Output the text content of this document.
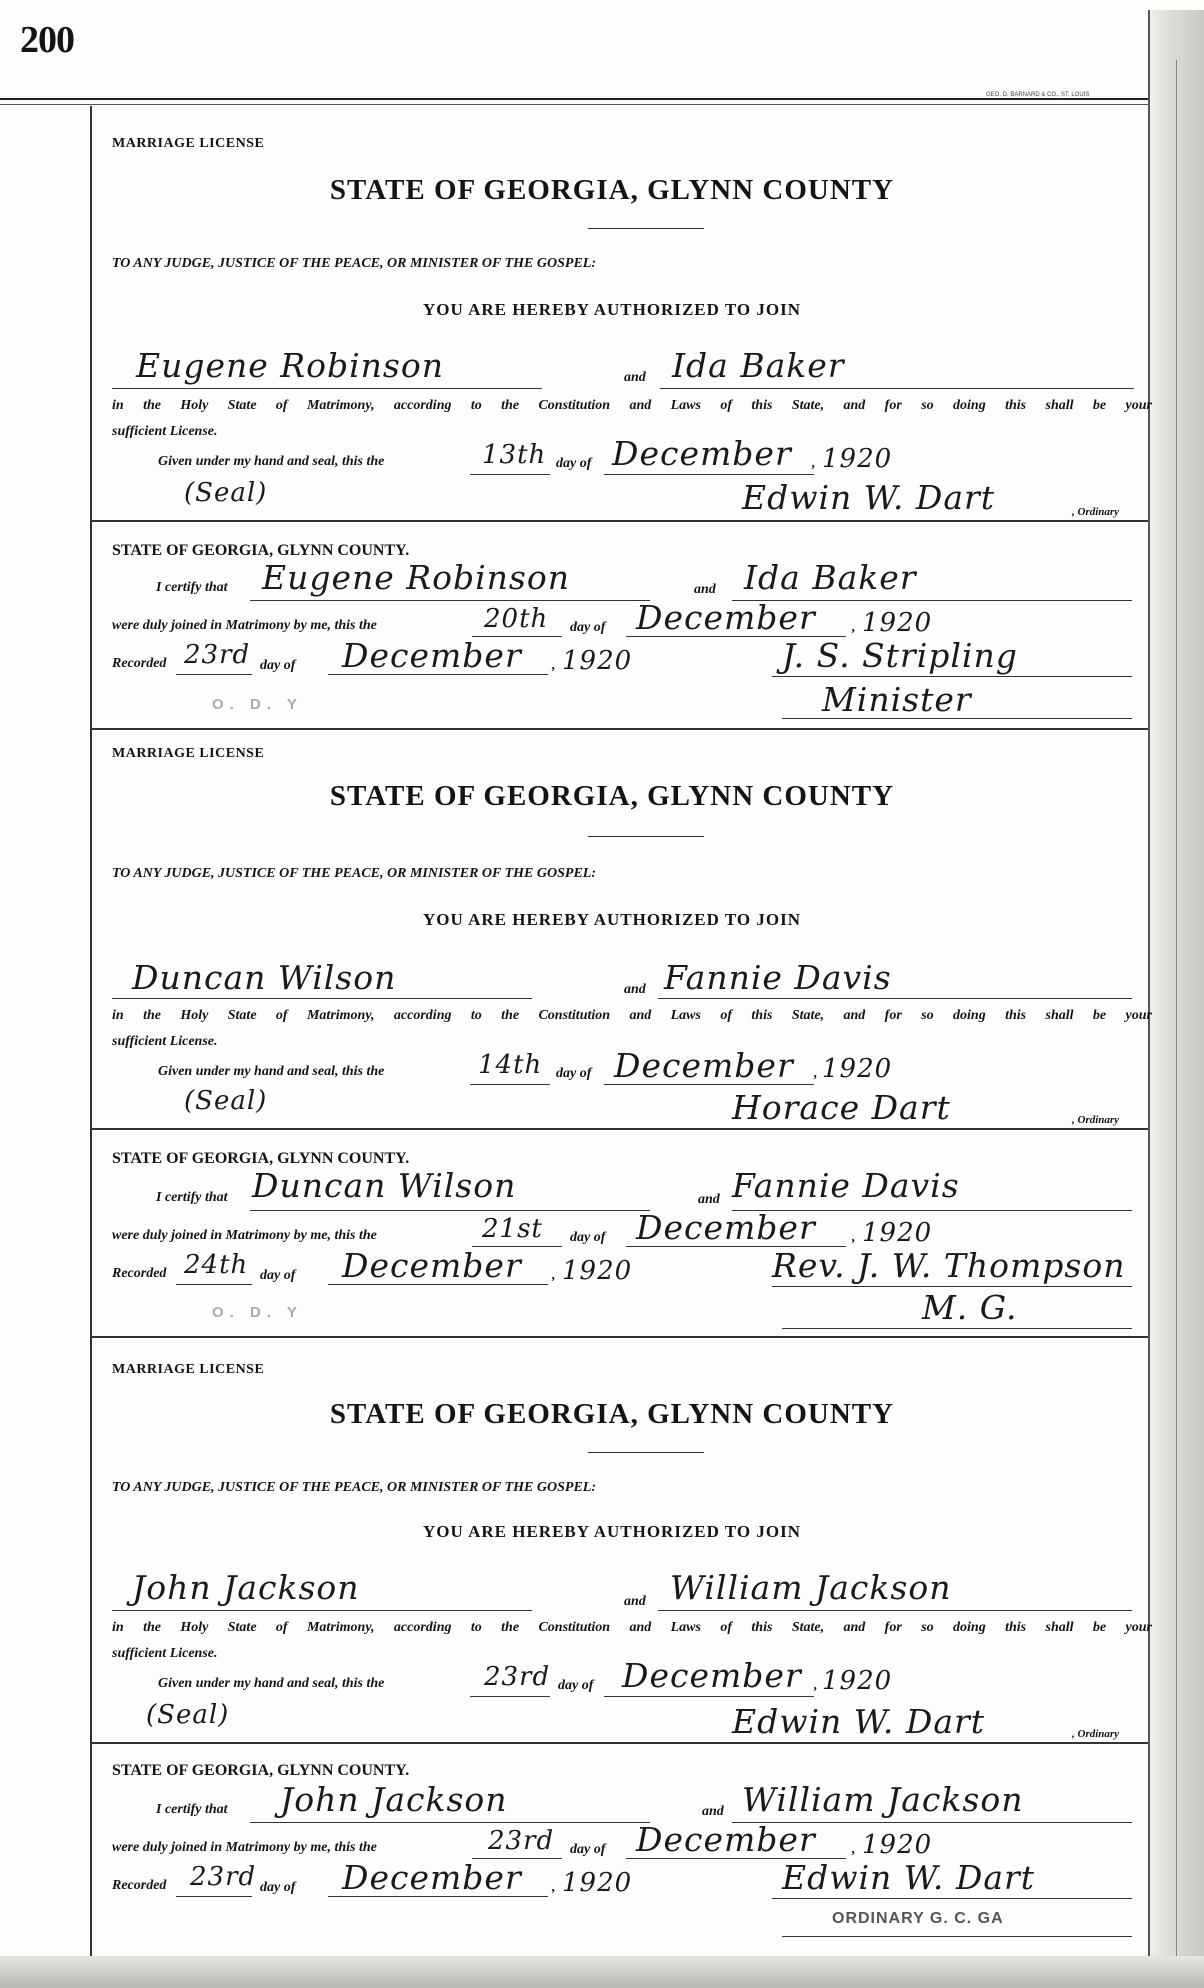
200
GEO. D. BARNARD & CO., ST. LOUIS
MARRIAGE LICENSE
STATE OF GEORGIA, GLYNN COUNTY
TO ANY JUDGE, JUSTICE OF THE PEACE, OR MINISTER OF THE GOSPEL:
YOU ARE HEREBY AUTHORIZED TO JOIN
Eugene Robinson	and Ida Baker
in the Holy State of Matrimony, according to the Constitution and Laws of this State, and for so doing this shall be your
sufficient License.
Given under my hand and seal, this the	13th day of December , 1920
(Seal)	Edwin W. Dart	, Ordinary
STATE OF GEORGIA, GLYNN COUNTY.
I certify that Eugene Robinson	and Ida Baker
were duly joined in Matrimony by me, this the	20th day of December	, 1920
Recorded 23rd day of December , 1920	J. S. Stripling
Minister
O. D. Y
MARRIAGE LICENSE
STATE OF GEORGIA, GLYNN COUNTY
TO ANY JUDGE, JUSTICE OF THE PEACE, OR MINISTER OF THE GOSPEL:
YOU ARE HEREBY AUTHORIZED TO JOIN
Duncan Wilson	and Fannie Davis
in the Holy State of Matrimony, according to the Constitution and Laws of this State, and for so doing this shall be your
sufficient License.
Given under my hand and seal, this the	14th day of December , 1920
(Seal)	Horace Dart	, Ordinary
STATE OF GEORGIA, GLYNN COUNTY.
I certify that Duncan Wilson	and Fannie Davis
were duly joined in Matrimony by me, this the	21st day of December	, 1920
Recorded 24th day of December , 1920	Rev. J. W. Thompson
M. G.
O. D. Y
MARRIAGE LICENSE
STATE OF GEORGIA, GLYNN COUNTY
TO ANY JUDGE, JUSTICE OF THE PEACE, OR MINISTER OF THE GOSPEL:
YOU ARE HEREBY AUTHORIZED TO JOIN
John Jackson	and William Jackson
in the Holy State of Matrimony, according to the Constitution and Laws of this State, and for so doing this shall be your
sufficient License.
Given under my hand and seal, this the	23rd day of December , 1920
(Seal)	Edwin W. Dart	, Ordinary
STATE OF GEORGIA, GLYNN COUNTY.
I certify that John Jackson	and William Jackson
were duly joined in Matrimony by me, this the	23rd day of December	, 1920
Recorded 23rd day of December , 1920	Edwin W. Dart
ORDINARY G. C. GA
